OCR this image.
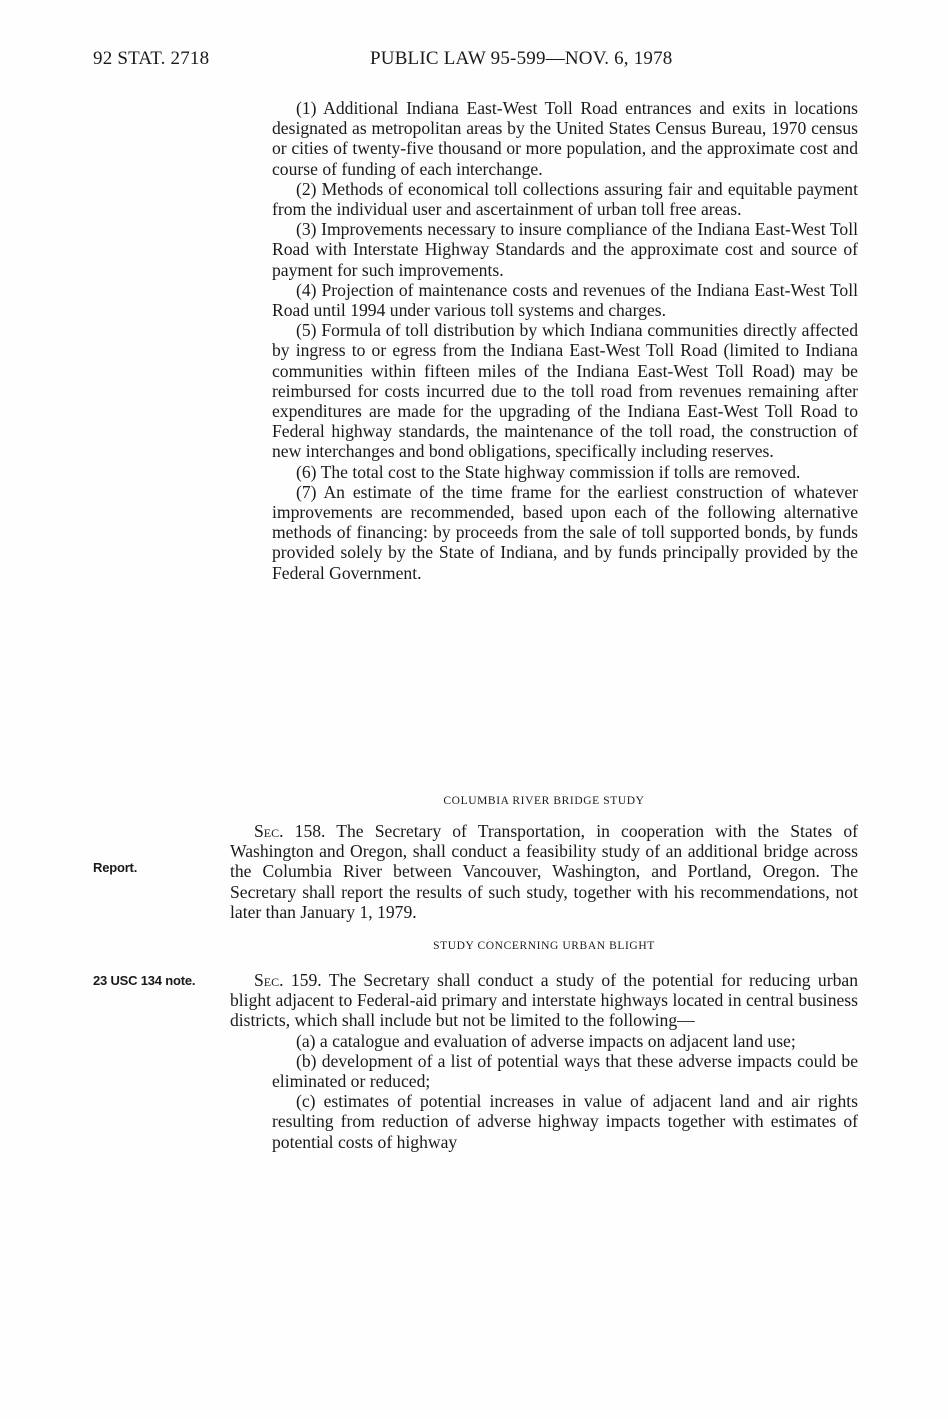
92 STAT. 2718	PUBLIC LAW 95-599—NOV. 6, 1978

(1) Additional Indiana East-West Toll Road entrances and exits in locations designated as metropolitan areas by the United States Census Bureau, 1970 census or cities of twenty-five thousand or more population, and the approximate cost and course of funding of each interchange.

(2) Methods of economical toll collections assuring fair and equitable payment from the individual user and ascertainment of urban toll free areas.

(3) Improvements necessary to insure compliance of the Indiana East-West Toll Road with Interstate Highway Standards and the approximate cost and source of payment for such improvements.

(4) Projection of maintenance costs and revenues of the Indiana East-West Toll Road until 1994 under various toll systems and charges.

(5) Formula of toll distribution by which Indiana communities directly affected by ingress to or egress from the Indiana East-West Toll Road (limited to Indiana communities within fifteen miles of the Indiana East-West Toll Road) may be reimbursed for costs incurred due to the toll road from revenues remaining after expenditures are made for the upgrading of the Indiana East-West Toll Road to Federal highway standards, the maintenance of the toll road, the construction of new interchanges and bond obligations, specifically including reserves.

(6) The total cost to the State highway commission if tolls are removed.

(7) An estimate of the time frame for the earliest construction of whatever improvements are recommended, based upon each of the following alternative methods of financing: by proceeds from the sale of toll supported bonds, by funds provided solely by the State of Indiana, and by funds principally provided by the Federal Government.

COLUMBIA RIVER BRIDGE STUDY

Sec. 158. The Secretary of Transportation, in cooperation with the States of Washington and Oregon, shall conduct a feasibility study of an additional bridge across the Columbia River between Vancouver, Washington, and Portland, Oregon. The Secretary shall report the results of such study, together with his recommendations, not later than January 1, 1979.

Report.
STUDY CONCERNING URBAN BLIGHT
23 USC 134 note.	Sec. 159. The Secretary shall conduct a study of the potential for reducing urban blight adjacent to Federal-aid primary and interstate highways located in central business districts, which shall include but not be limited to the following—

(a) a catalogue and evaluation of adverse impacts on adjacent land use;

(b) development of a list of potential ways that these adverse impacts could be eliminated or reduced;

(c) estimates of potential increases in value of adjacent land and air rights resulting from reduction of adverse highway impacts together with estimates of potential costs of highway
